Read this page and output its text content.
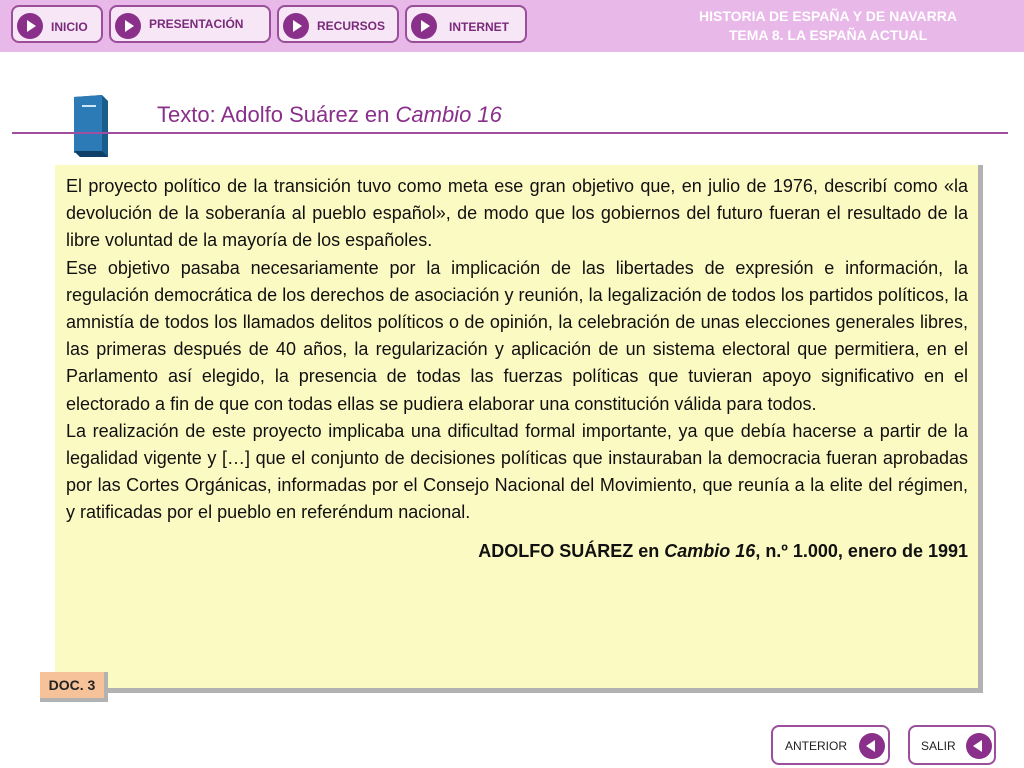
INICIO	PRESENTACIÓN	RECURSOS	INTERNET
HISTORIA DE ESPAÑA Y DE NAVARRA
TEMA 8. LA ESPAÑA ACTUAL
Texto: Adolfo Suárez en Cambio 16

El proyecto político de la transición tuvo como meta ese gran objetivo que, en julio de 1976, describí como «la devolución de la soberanía al pueblo español», de modo que los gobiernos del futuro fueran el resultado de la libre voluntad de la mayoría de los españoles.

Ese objetivo pasaba necesariamente por la implicación de las libertades de expresión e información, la regulación democrática de los derechos de asociación y reunión, la legalización de todos los partidos políticos, la amnistía de todos los llamados delitos políticos o de opinión, la celebración de unas elecciones generales libres, las primeras después de 40 años, la regularización y aplicación de un sistema electoral que permitiera, en el Parlamento así elegido, la presencia de todas las fuerzas políticas que tuvieran apoyo significativo en el electorado a fin de que con todas ellas se pudiera elaborar una constitución válida para todos.

La realización de este proyecto implicaba una dificultad formal importante, ya que debía hacerse a partir de la legalidad vigente y […] que el conjunto de decisiones políticas que instauraban la democracia fueran aprobadas por las Cortes Orgánicas, informadas por el Consejo Nacional del Movimiento, que reunía a la elite del régimen, y ratificadas por el pueblo en referéndum nacional.

ADOLFO SUÁREZ en Cambio 16, n.º 1.000, enero de 1991
DOC. 3
ANTERIOR	SALIR
